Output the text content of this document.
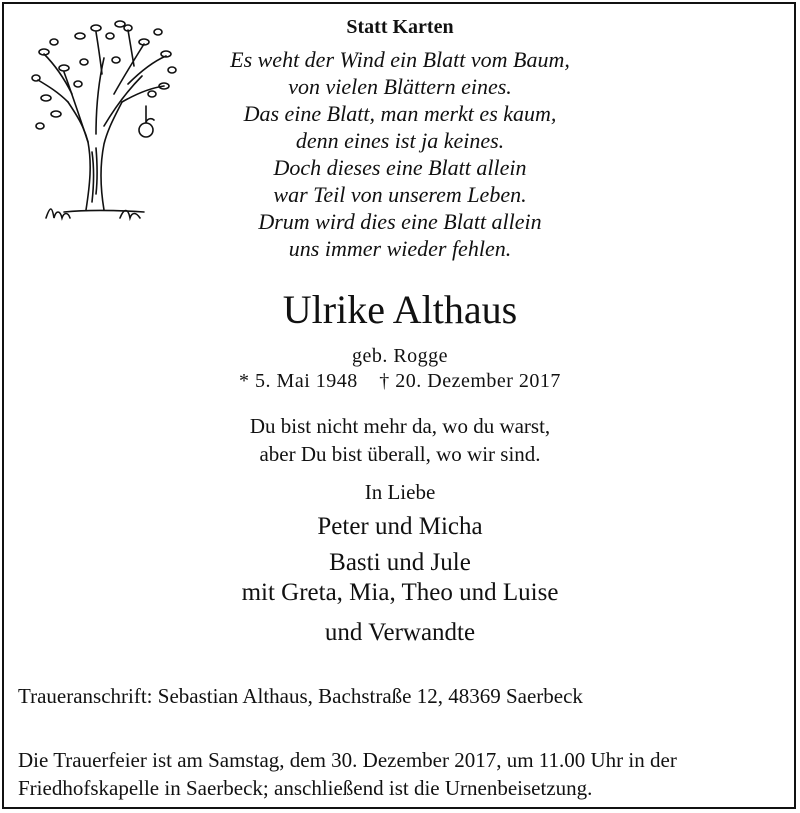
Statt Karten
Es weht der Wind ein Blatt vom Baum,
von vielen Blättern eines.
Das eine Blatt, man merkt es kaum,
denn eines ist ja keines.
Doch dieses eine Blatt allein
war Teil von unserem Leben.
Drum wird dies eine Blatt allein
uns immer wieder fehlen.
Ulrike Althaus
geb. Rogge
* 5. Mai 1948 † 20. Dezember 2017
Du bist nicht mehr da, wo du warst,
aber Du bist überall, wo wir sind.
In Liebe
Peter und Micha
Basti und Jule
mit Greta, Mia, Theo und Luise
und Verwandte
Traueranschrift: Sebastian Althaus, Bachstraße 12, 48369 Saerbeck
Die Trauerfeier ist am Samstag, dem 30. Dezember 2017, um 11.00 Uhr in der Friedhofskapelle in Saerbeck; anschließend ist die Urnenbeisetzung.
